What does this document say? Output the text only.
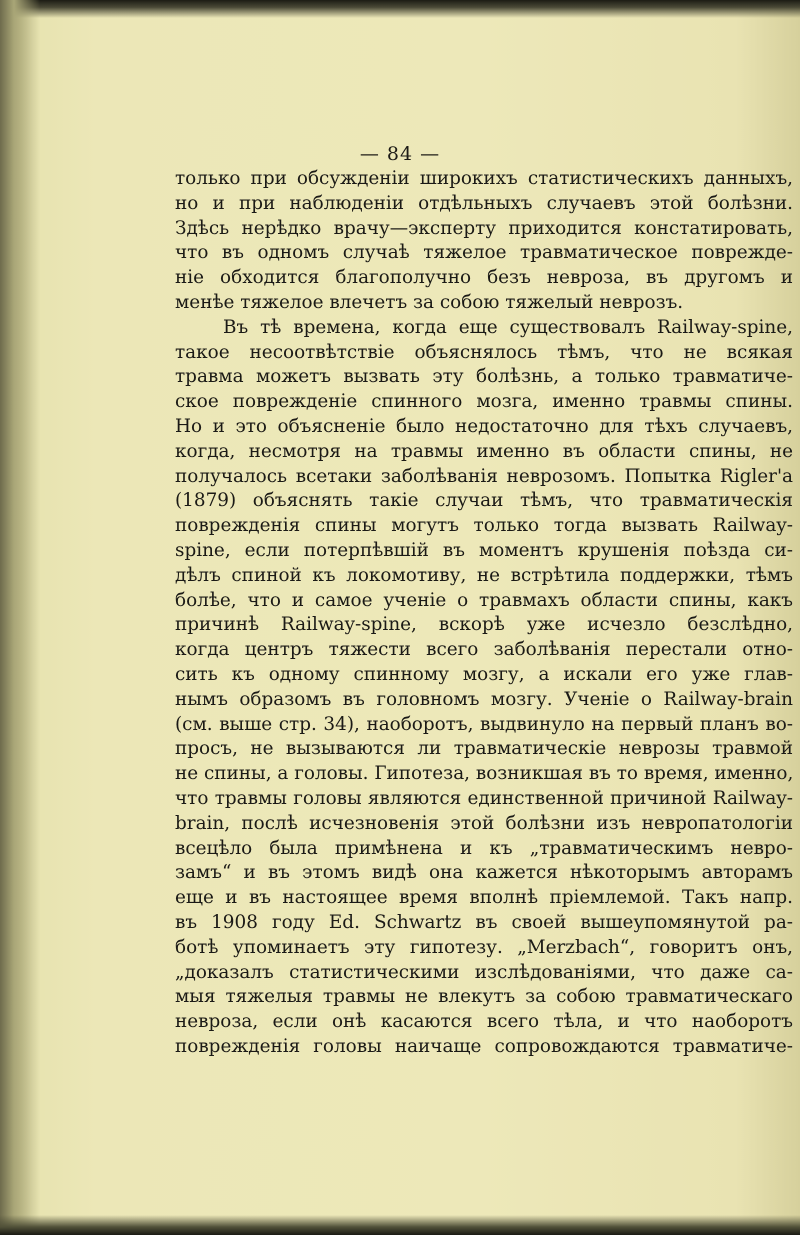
— 84 —
только при обсужденіи широкихъ статистическихъ данныхъ,
но и при наблюденіи отдѣльныхъ случаевъ этой болѣзни.
Здѣсь нерѣдко врачу—эксперту приходится констатировать,
что въ одномъ случаѣ тяжелое травматическое поврежде-
ніе обходится благополучно безъ невроза, въ другомъ и
менѣе тяжелое влечетъ за собою тяжелый неврозъ.
Въ тѣ времена, когда еще существовалъ Railway-spine,
такое несоотвѣтствіе объяснялось тѣмъ, что не всякая
травма можетъ вызвать эту болѣзнь, а только травматиче-
ское поврежденіе спинного мозга, именно травмы спины.
Но и это объясненіе было недостаточно для тѣхъ случаевъ,
когда, несмотря на травмы именно въ области спины, не
получалось всетаки заболѣванія неврозомъ. Попытка Rigler'а
(1879) объяснять такіе случаи тѣмъ, что травматическія
поврежденія спины могутъ только тогда вызвать Railway-
spine, если потерпѣвшій въ моментъ крушенія поѣзда си-
дѣлъ спиной къ локомотиву, не встрѣтила поддержки, тѣмъ
болѣе, что и самое ученіе о травмахъ области спины, какъ
причинѣ Railway-spine, вскорѣ уже исчезло безслѣдно,
когда центръ тяжести всего заболѣванія перестали отно-
сить къ одному спинному мозгу, а искали его уже глав-
нымъ образомъ въ головномъ мозгу. Ученіе о Railway-brain
(см. выше стр. 34), наоборотъ, выдвинуло на первый планъ во-
просъ, не вызываются ли травматическіе неврозы травмой
не спины, а головы. Гипотеза, возникшая въ то время, именно,
что травмы головы являются единственной причиной Railway-
brain, послѣ исчезновенія этой болѣзни изъ невропатологіи
всецѣло была примѣнена и къ „травматическимъ невро-
замъ“ и въ этомъ видѣ она кажется нѣкоторымъ авторамъ
еще и въ настоящее время вполнѣ пріемлемой. Такъ напр.
въ 1908 году Ed. Schwartz въ своей вышеупомянутой ра-
ботѣ упоминаетъ эту гипотезу. „Merzbach“, говоритъ онъ,
„доказалъ статистическими изслѣдованіями, что даже са-
мыя тяжелыя травмы не влекутъ за собою травматическаго
невроза, если онѣ касаются всего тѣла, и что наоборотъ
поврежденія головы наичаще сопровождаются травматиче-
